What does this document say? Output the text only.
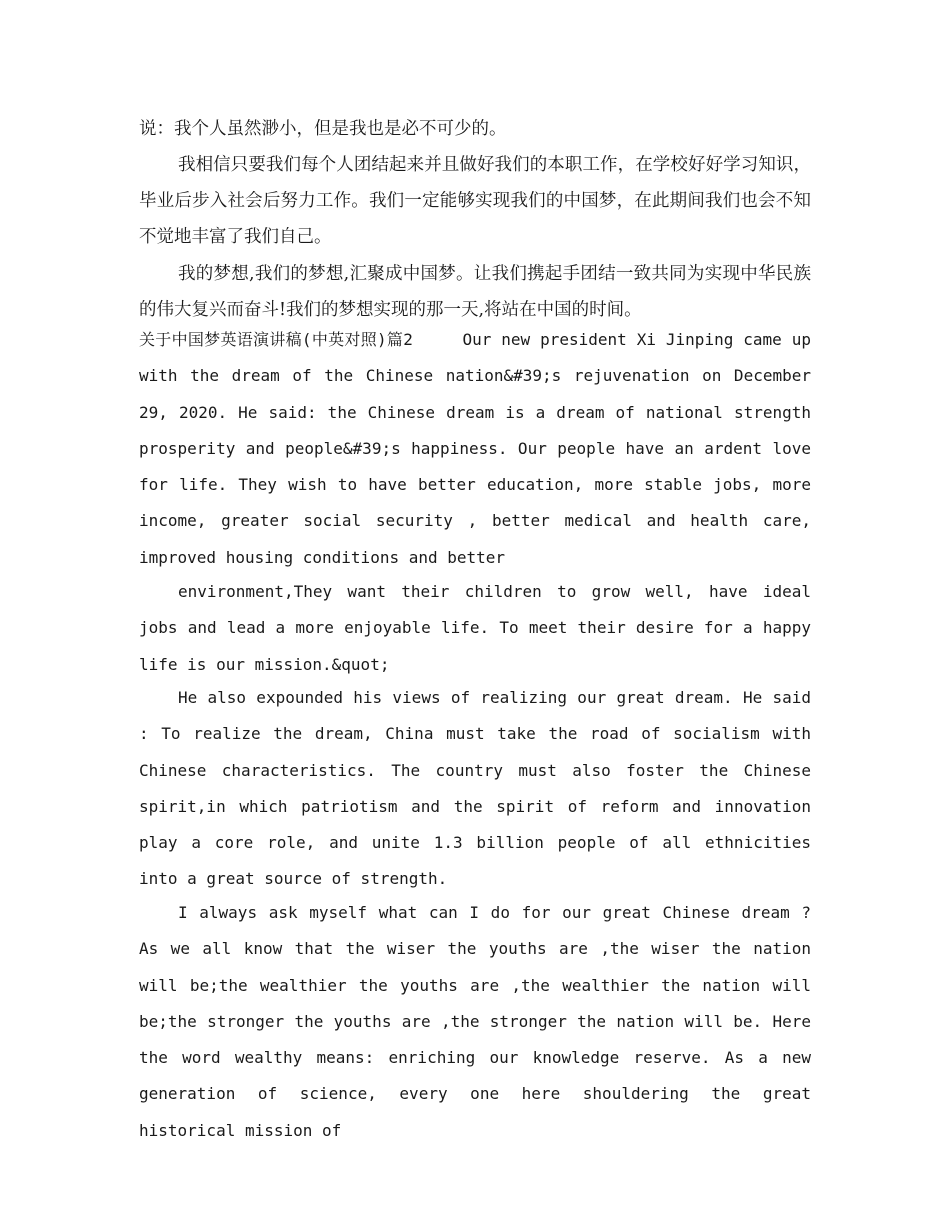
说：我个人虽然渺小，但是我也是必不可少的。

我相信只要我们每个人团结起来并且做好我们的本职工作，在学校好好学习知识，毕业后步入社会后努力工作。我们一定能够实现我们的中国梦，在此期间我们也会不知不觉地丰富了我们自己。

我的梦想,我们的梦想,汇聚成中国梦。让我们携起手团结一致共同为实现中华民族的伟大复兴而奋斗!我们的梦想实现的那一天,将站在中国的时间。

关于中国梦英语演讲稿(中英对照)篇2     Our new president Xi Jinping came up with the dream of the Chinese nation&#39;s rejuvenation on December 29, 2020. He said: the Chinese dream is a dream of national strength prosperity and people&#39;s happiness. Our people have an ardent love for life. They wish to have better education, more stable jobs, more income, greater social security , better medical and health care, improved housing conditions and better

environment,They want their children to grow well, have ideal jobs and lead a more enjoyable life. To meet their desire for a happy life is our mission.&quot;

He also expounded his views of realizing our great dream. He said : To realize the dream, China must take the road of socialism with Chinese characteristics. The country must also foster the Chinese spirit,in which patriotism and the spirit of reform and innovation play a core role, and unite 1.3 billion people of all ethnicities into a great source of strength.

I always ask myself what can I do for our great Chinese dream ? As we all know that the wiser the youths are ,the wiser the nation will be;the wealthier the youths are ,the wealthier the nation will be;the stronger the youths are ,the stronger the nation will be. Here the word wealthy means: enriching our knowledge reserve. As a new generation of science, every one here shouldering the great historical mission of
